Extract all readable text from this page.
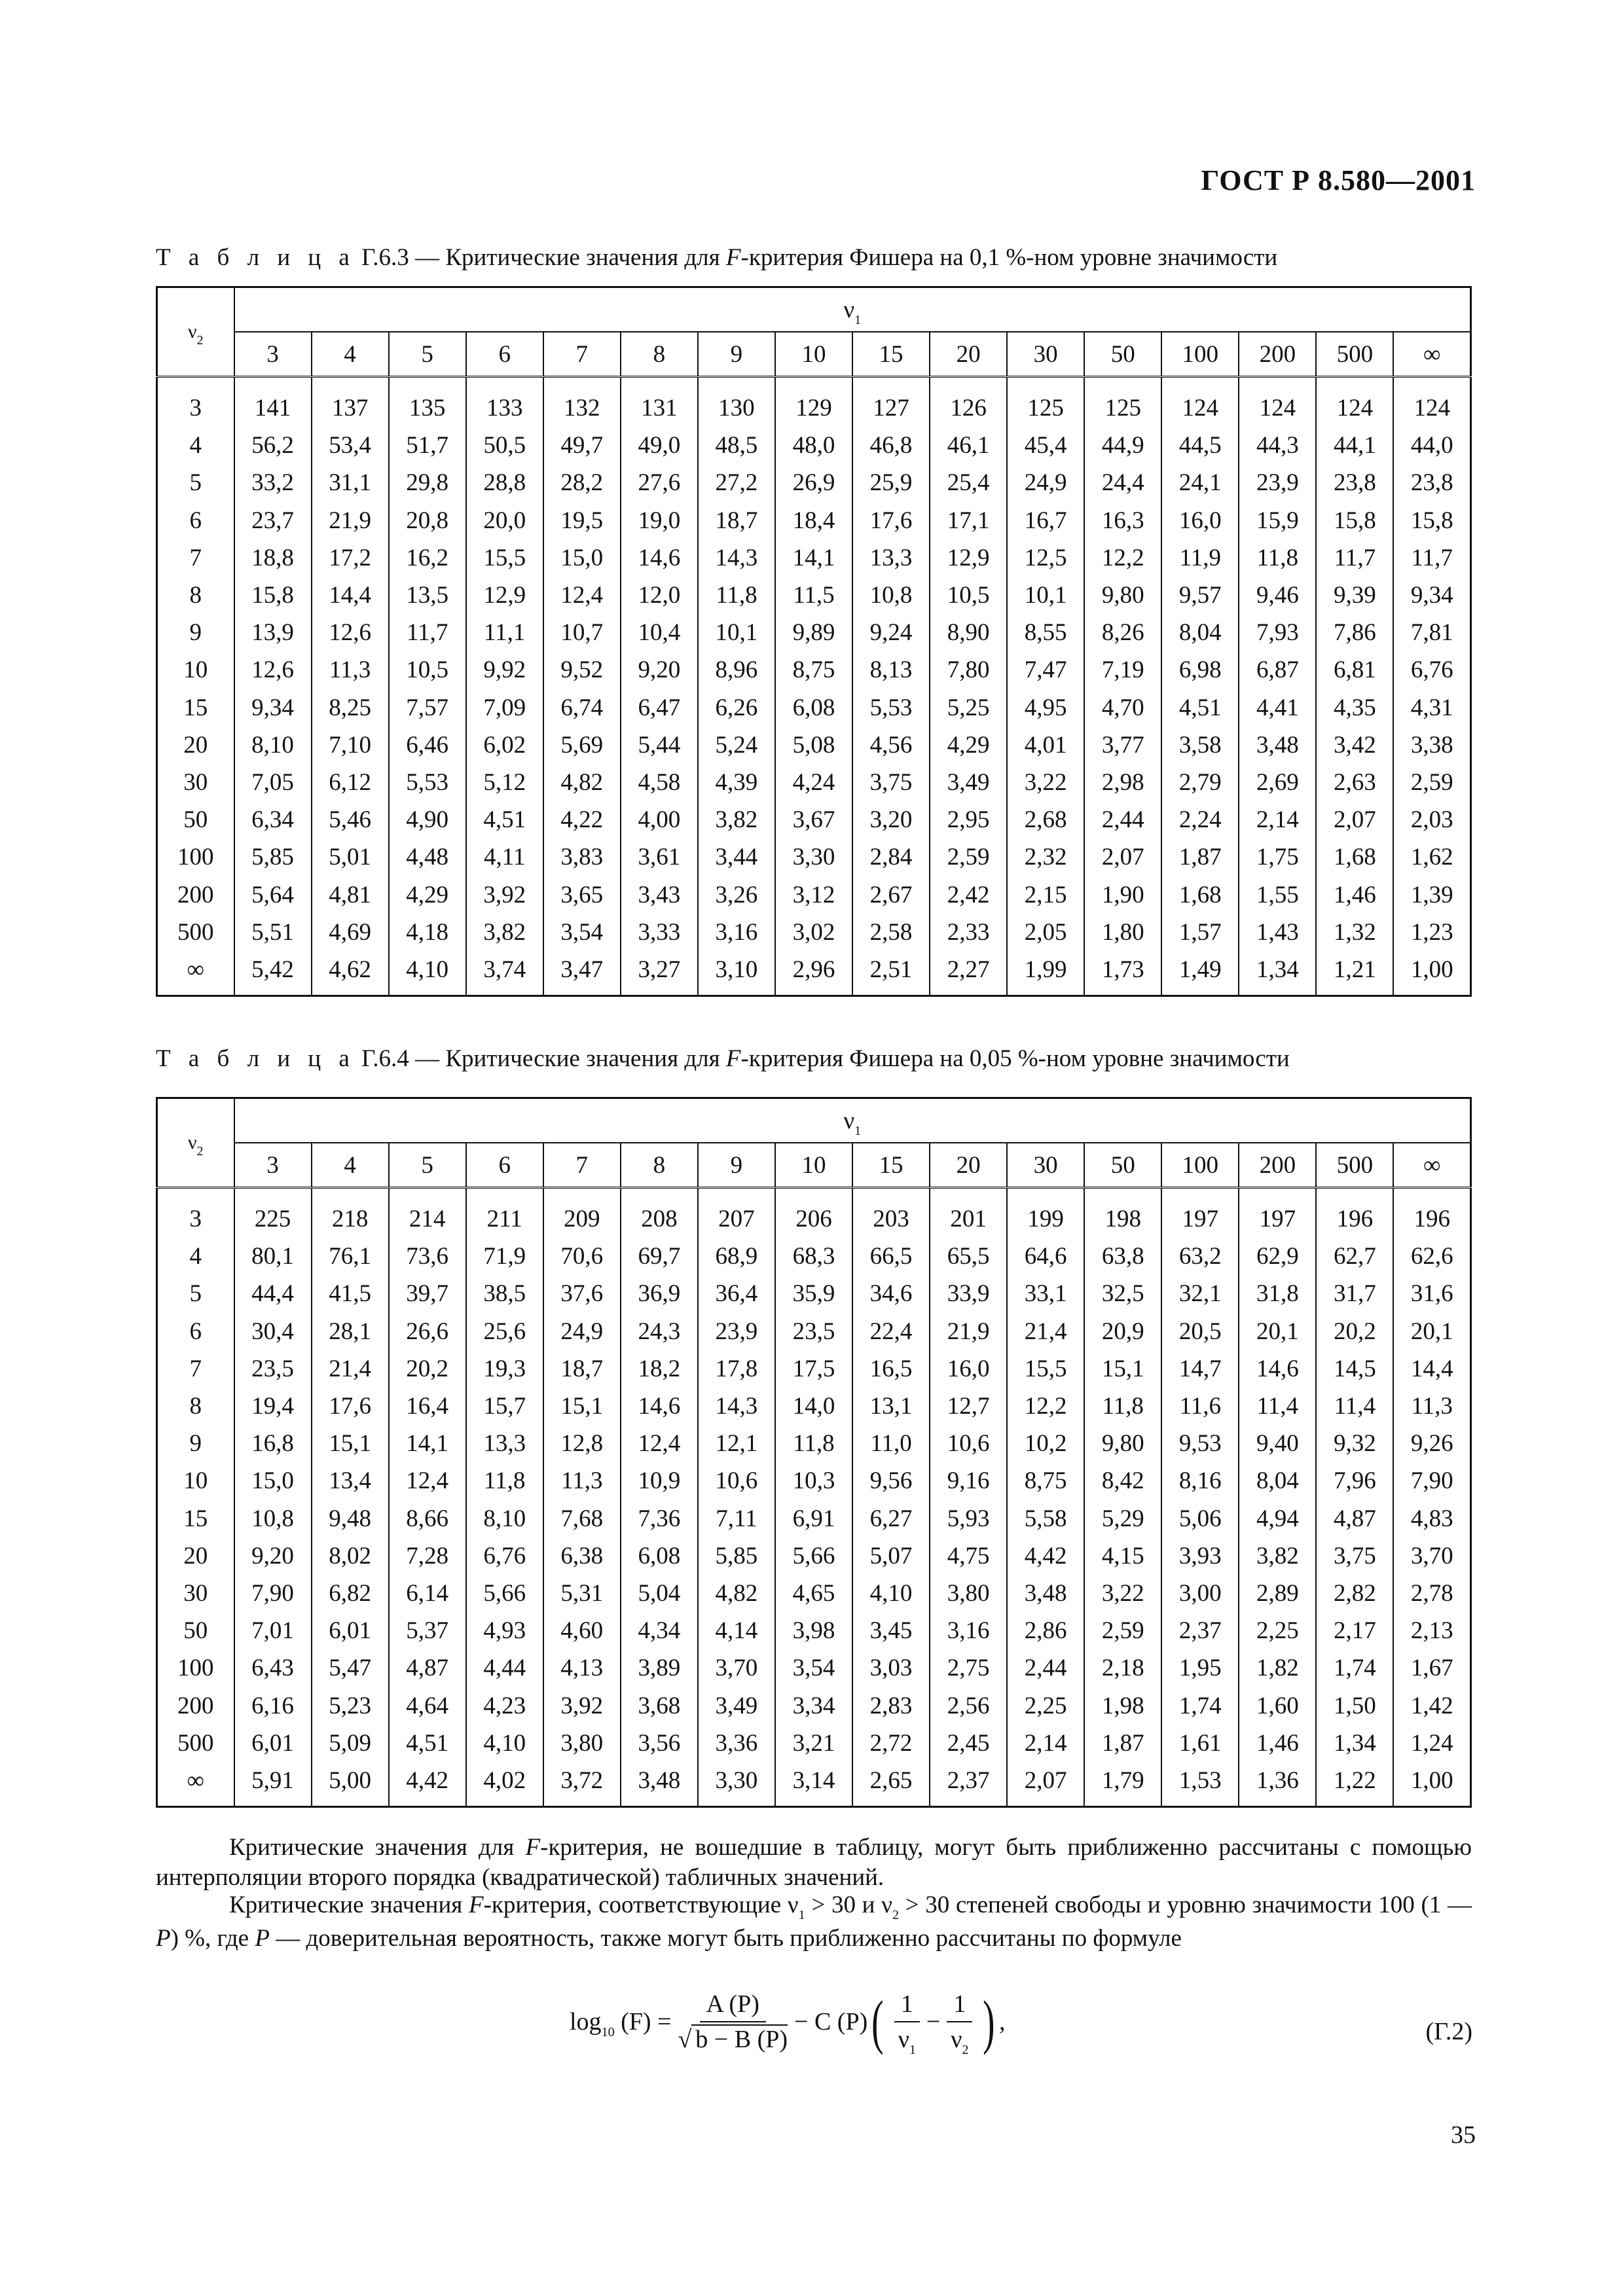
ГОСТ Р 8.580—2001
Т а б л и ц а Г.6.3 — Критические значения для F-критерия Фишера на 0,1 %-ном уровне значимости
$\nu_2$	$\nu_1$
	3	4	5	6	7	8	9	10	15	20	30	50	100	200	500	∞

3	141	137	135	133	132	131	130	129	127	126	125	125	124	124	124	124
4	56,2	53,4	51,7	50,5	49,7	49,0	48,5	48,0	46,8	46,1	45,4	44,9	44,5	44,3	44,1	44,0
5	33,2	31,1	29,8	28,8	28,2	27,6	27,2	26,9	25,9	25,4	24,9	24,4	24,1	23,9	23,8	23,8
6	23,7	21,9	20,8	20,0	19,5	19,0	18,7	18,4	17,6	17,1	16,7	16,3	16,0	15,9	15,8	15,8
7	18,8	17,2	16,2	15,5	15,0	14,6	14,3	14,1	13,3	12,9	12,5	12,2	11,9	11,8	11,7	11,7
8	15,8	14,4	13,5	12,9	12,4	12,0	11,8	11,5	10,8	10,5	10,1	9,80	9,57	9,46	9,39	9,34
9	13,9	12,6	11,7	11,1	10,7	10,4	10,1	9,89	9,24	8,90	8,55	8,26	8,04	7,93	7,86	7,81
10	12,6	11,3	10,5	9,92	9,52	9,20	8,96	8,75	8,13	7,80	7,47	7,19	6,98	6,87	6,81	6,76
15	9,34	8,25	7,57	7,09	6,74	6,47	6,26	6,08	5,53	5,25	4,95	4,70	4,51	4,41	4,35	4,31
20	8,10	7,10	6,46	6,02	5,69	5,44	5,24	5,08	4,56	4,29	4,01	3,77	3,58	3,48	3,42	3,38
30	7,05	6,12	5,53	5,12	4,82	4,58	4,39	4,24	3,75	3,49	3,22	2,98	2,79	2,69	2,63	2,59
50	6,34	5,46	4,90	4,51	4,22	4,00	3,82	3,67	3,20	2,95	2,68	2,44	2,24	2,14	2,07	2,03
100	5,85	5,01	4,48	4,11	3,83	3,61	3,44	3,30	2,84	2,59	2,32	2,07	1,87	1,75	1,68	1,62
200	5,64	4,81	4,29	3,92	3,65	3,43	3,26	3,12	2,67	2,42	2,15	1,90	1,68	1,55	1,46	1,39
500	5,51	4,69	4,18	3,82	3,54	3,33	3,16	3,02	2,58	2,33	2,05	1,80	1,57	1,43	1,32	1,23
∞	5,42	4,62	4,10	3,74	3,47	3,27	3,10	2,96	2,51	2,27	1,99	1,73	1,49	1,34	1,21	1,00
Т а б л и ц а Г.6.4 — Критические значения для F-критерия Фишера на 0,05 %-ном уровне значимости
$\nu_2$	$\nu_1$
	3	4	5	6	7	8	9	10	15	20	30	50	100	200	500	∞

3	225	218	214	211	209	208	207	206	203	201	199	198	197	197	196	196
4	80,1	76,1	73,6	71,9	70,6	69,7	68,9	68,3	66,5	65,5	64,6	63,8	63,2	62,9	62,7	62,6
5	44,4	41,5	39,7	38,5	37,6	36,9	36,4	35,9	34,6	33,9	33,1	32,5	32,1	31,8	31,7	31,6
6	30,4	28,1	26,6	25,6	24,9	24,3	23,9	23,5	22,4	21,9	21,4	20,9	20,5	20,1	20,2	20,1
7	23,5	21,4	20,2	19,3	18,7	18,2	17,8	17,5	16,5	16,0	15,5	15,1	14,7	14,6	14,5	14,4
8	19,4	17,6	16,4	15,7	15,1	14,6	14,3	14,0	13,1	12,7	12,2	11,8	11,6	11,4	11,4	11,3
9	16,8	15,1	14,1	13,3	12,8	12,4	12,1	11,8	11,0	10,6	10,2	9,80	9,53	9,40	9,32	9,26
10	15,0	13,4	12,4	11,8	11,3	10,9	10,6	10,3	9,56	9,16	8,75	8,42	8,16	8,04	7,96	7,90
15	10,8	9,48	8,66	8,10	7,68	7,36	7,11	6,91	6,27	5,93	5,58	5,29	5,06	4,94	4,87	4,83
20	9,20	8,02	7,28	6,76	6,38	6,08	5,85	5,66	5,07	4,75	4,42	4,15	3,93	3,82	3,75	3,70
30	7,90	6,82	6,14	5,66	5,31	5,04	4,82	4,65	4,10	3,80	3,48	3,22	3,00	2,89	2,82	2,78
50	7,01	6,01	5,37	4,93	4,60	4,34	4,14	3,98	3,45	3,16	2,86	2,59	2,37	2,25	2,17	2,13
100	6,43	5,47	4,87	4,44	4,13	3,89	3,70	3,54	3,03	2,75	2,44	2,18	1,95	1,82	1,74	1,67
200	6,16	5,23	4,64	4,23	3,92	3,68	3,49	3,34	2,83	2,56	2,25	1,98	1,74	1,60	1,50	1,42
500	6,01	5,09	4,51	4,10	3,80	3,56	3,36	3,21	2,72	2,45	2,14	1,87	1,61	1,46	1,34	1,24
∞	5,91	5,00	4,42	4,02	3,72	3,48	3,30	3,14	2,65	2,37	2,07	1,79	1,53	1,36	1,22	1,00
Критические значения для F-критерия, не вошедшие в таблицу, могут быть приближенно рассчитаны с помощью интерполяции второго порядка (квадратической) табличных значений.
Критические значения F-критерия, соответствующие $\nu_1 > 30$ и $\nu_2 > 30$ степеней свободы и уровню значимости 100 (1 — P) %, где P — доверительная вероятность, также могут быть приближенно рассчитаны по формуле
$\log_{10} (F) = \frac{A (P)}{√ b - B (P)} - C$ (P) ( $\frac{1}{\nu_1} - \frac{1}{\nu_2}$ ) ,	(Г.2)
35
